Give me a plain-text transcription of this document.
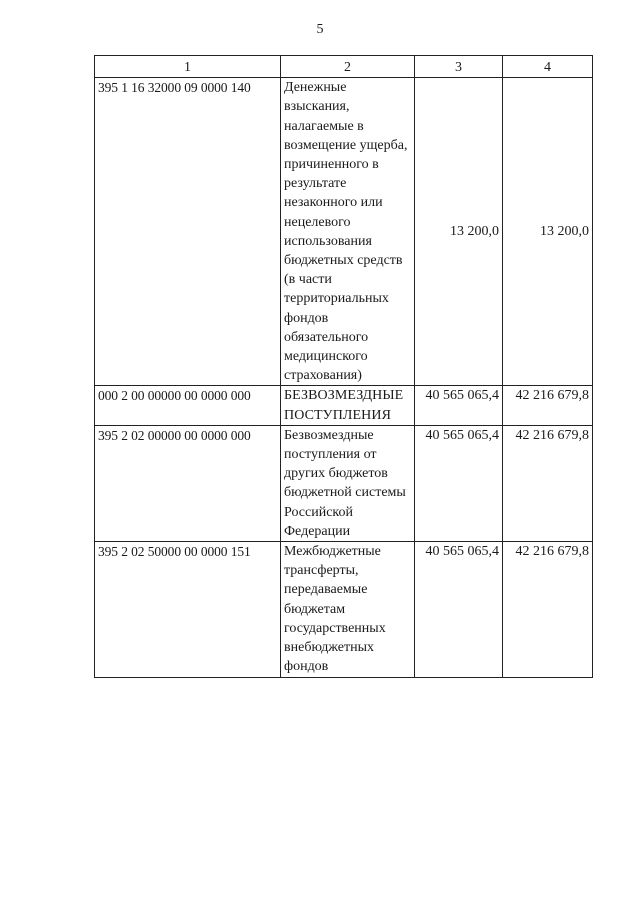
5
1	2	3	4
395 1 16 32000 09 0000 140	Денежные взыскания, налагаемые в возмещение ущерба, причиненного в результате незаконного или нецелевого использования бюджетных средств (в части территориальных фондов обязательного медицинского страхования)	13 200,0	13 200,0
000 2 00 00000 00 0000 000	БЕЗВОЗМЕЗДНЫЕ ПОСТУПЛЕНИЯ	40 565 065,4	42 216 679,8
395 2 02 00000 00 0000 000	Безвозмездные поступления от других бюджетов бюджетной системы Российской Федерации	40 565 065,4	42 216 679,8
395 2 02 50000 00 0000 151	Межбюджетные трансферты, передаваемые бюджетам государственных внебюджетных фондов	40 565 065,4	42 216 679,8
